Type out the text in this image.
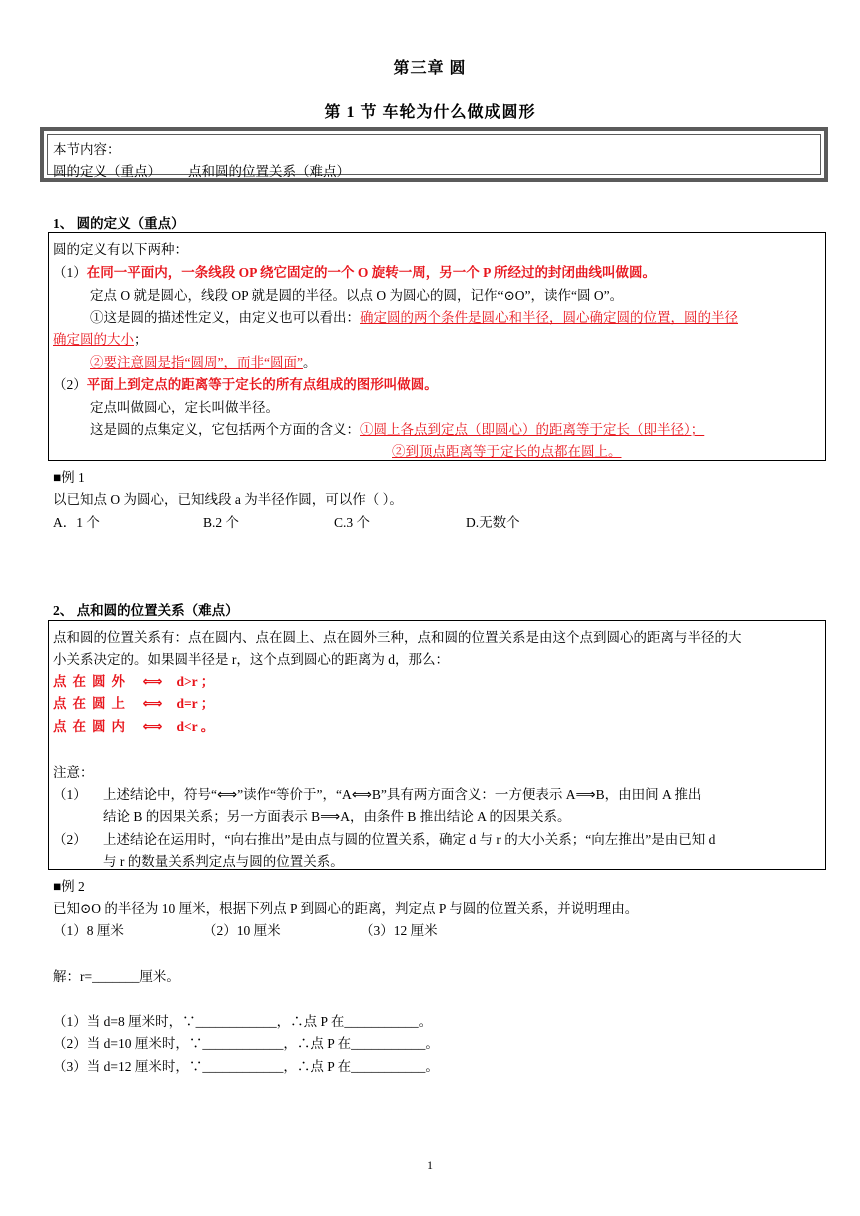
第三章 圆
第 1 节 车轮为什么做成圆形
本节内容：
圆的定义（重点）        点和圆的位置关系（难点）
1、 圆的定义（重点）
圆的定义有以下两种：
（1）在同一平面内，一条线段 OP 绕它固定的一个 O 旋转一周，另一个 P 所经过的封闭曲线叫做圆。
定点 O 就是圆心，线段 OP 就是圆的半径。以点 O 为圆心的圆，记作“⊙O”，读作“圆 O”。
①这是圆的描述性定义，由定义也可以看出：确定圆的两个条件是圆心和半径，圆心确定圆的位置，圆的半径
确定圆的大小；
②要注意圆是指“圆周”，而非“圆面”。
（2）平面上到定点的距离等于定长的所有点组成的图形叫做圆。
定点叫做圆心，定长叫做半径。
这是圆的点集定义，它包括两个方面的含义：①圆上各点到定点（即圆心）的距离等于定长（即半径）；
②到顶点距离等于定长的点都在圆上。
■例 1
以已知点 O 为圆心，已知线段 a 为半径作圆，可以作（ ）。
A．1 个	B.2 个	C.3 个	D.无数个
2、 点和圆的位置关系（难点）
点和圆的位置关系有：点在圆内、点在圆上、点在圆外三种，点和圆的位置关系是由这个点到圆心的距离与半径的大
小关系决定的。如果圆半径是 r，这个点到圆心的距离为 d，那么：
点在圆外 ⟺ d>r ；
点在圆上 ⟺ d=r ；
点在圆内 ⟺ d<r 。
注意：
（1） 上述结论中，符号“⟺”读作“等价于”，“A⟺B”具有两方面含义：一方便表示 A⟹B，由田间 A 推出
结论 B 的因果关系；另一方面表示 B⟹A，由条件 B 推出结论 A 的因果关系。
（2） 上述结论在运用时，“向右推出”是由点与圆的位置关系，确定 d 与 r 的大小关系；“向左推出”是由已知 d
与 r 的数量关系判定点与圆的位置关系。
■例 2
已知⊙O 的半径为 10 厘米，根据下列点 P 到圆心的距离，判定点 P 与圆的位置关系，并说明理由。
（1）8 厘米	（2）10 厘米	（3）12 厘米
解：r=_______厘米。
（1）当 d=8 厘米时，∵____________，∴点 P 在___________。
（2）当 d=10 厘米时，∵____________，∴点 P 在___________。
（3）当 d=12 厘米时，∵____________，∴点 P 在___________。
1
